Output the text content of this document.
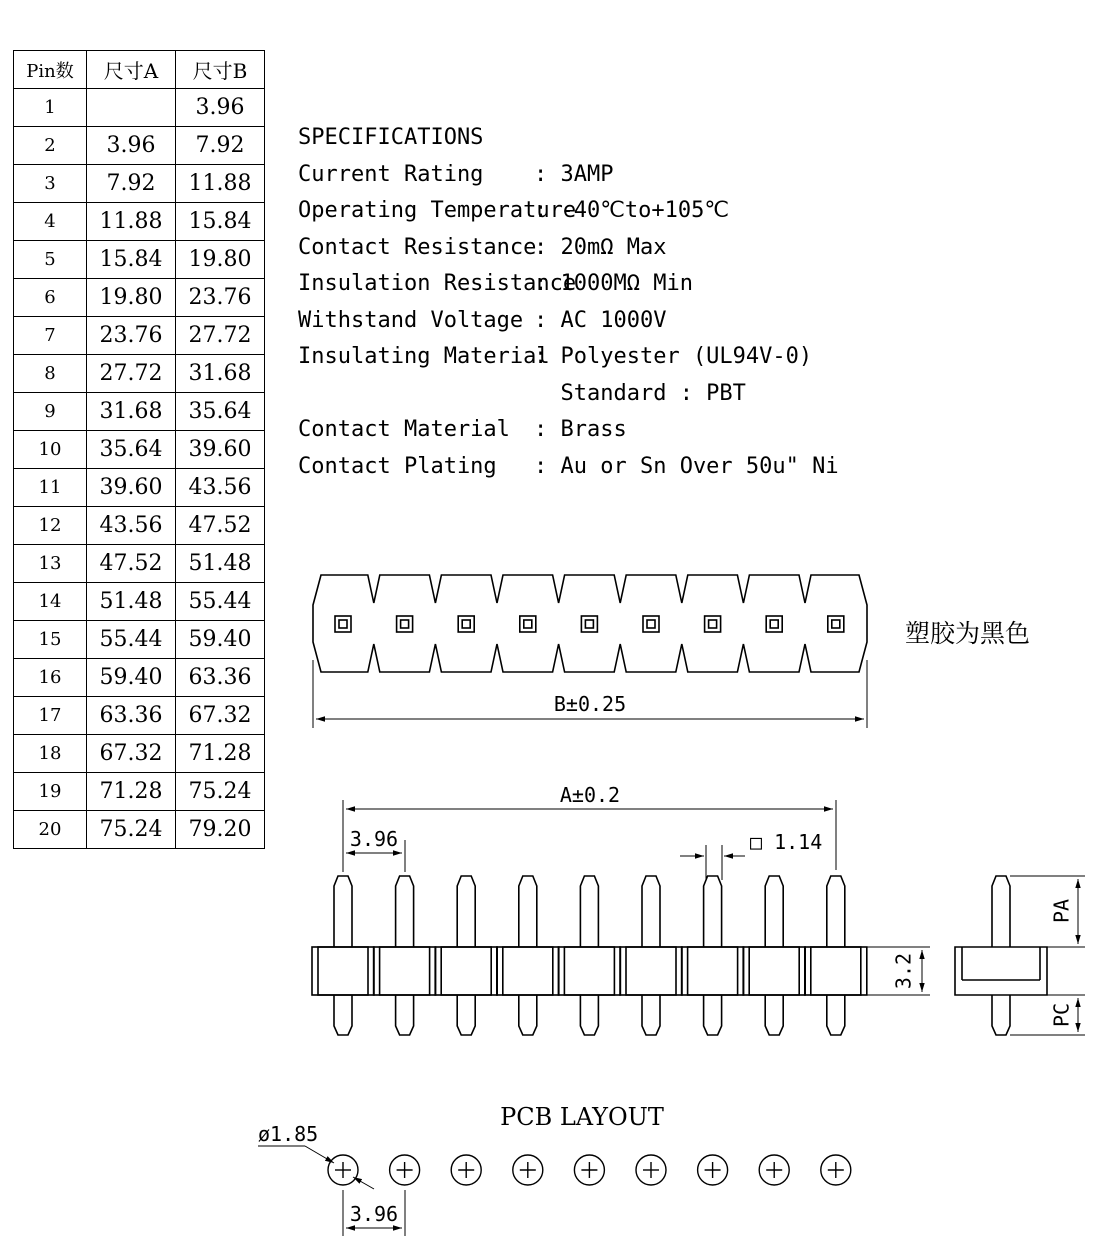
Pin数	尺寸A	尺寸B
1		3.96
2	3.96	7.92
3	7.92	11.88
4	11.88	15.84
5	15.84	19.80
6	19.80	23.76
7	23.76	27.72
8	27.72	31.68
9	31.68	35.64
10	35.64	39.60
11	39.60	43.56
12	43.56	47.52
13	47.52	51.48
14	51.48	55.44
15	55.44	59.40
16	59.40	63.36
17	63.36	67.32
18	67.32	71.28
19	71.28	75.24
20	75.24	79.20
SPECIFICATIONS
Current Rating	: 3AMP
Operating Temperature
: -40℃to+105℃
Contact Resistance
: 20mΩ Max
Insulation Resistance
: 1000MΩ Min
Withstand Voltage : AC 1000V
Insulating Material
: Polyester (UL94V-0)
Standard : PBT
Contact Material	: Brass
Contact Plating	: Au or Sn Over 50u" Ni
塑胶为黑色
B±0.25
A±0.2
3.96	□ 1.14
3.2
PA
PC
PCB LAYOUT
ø1.85
3.96
